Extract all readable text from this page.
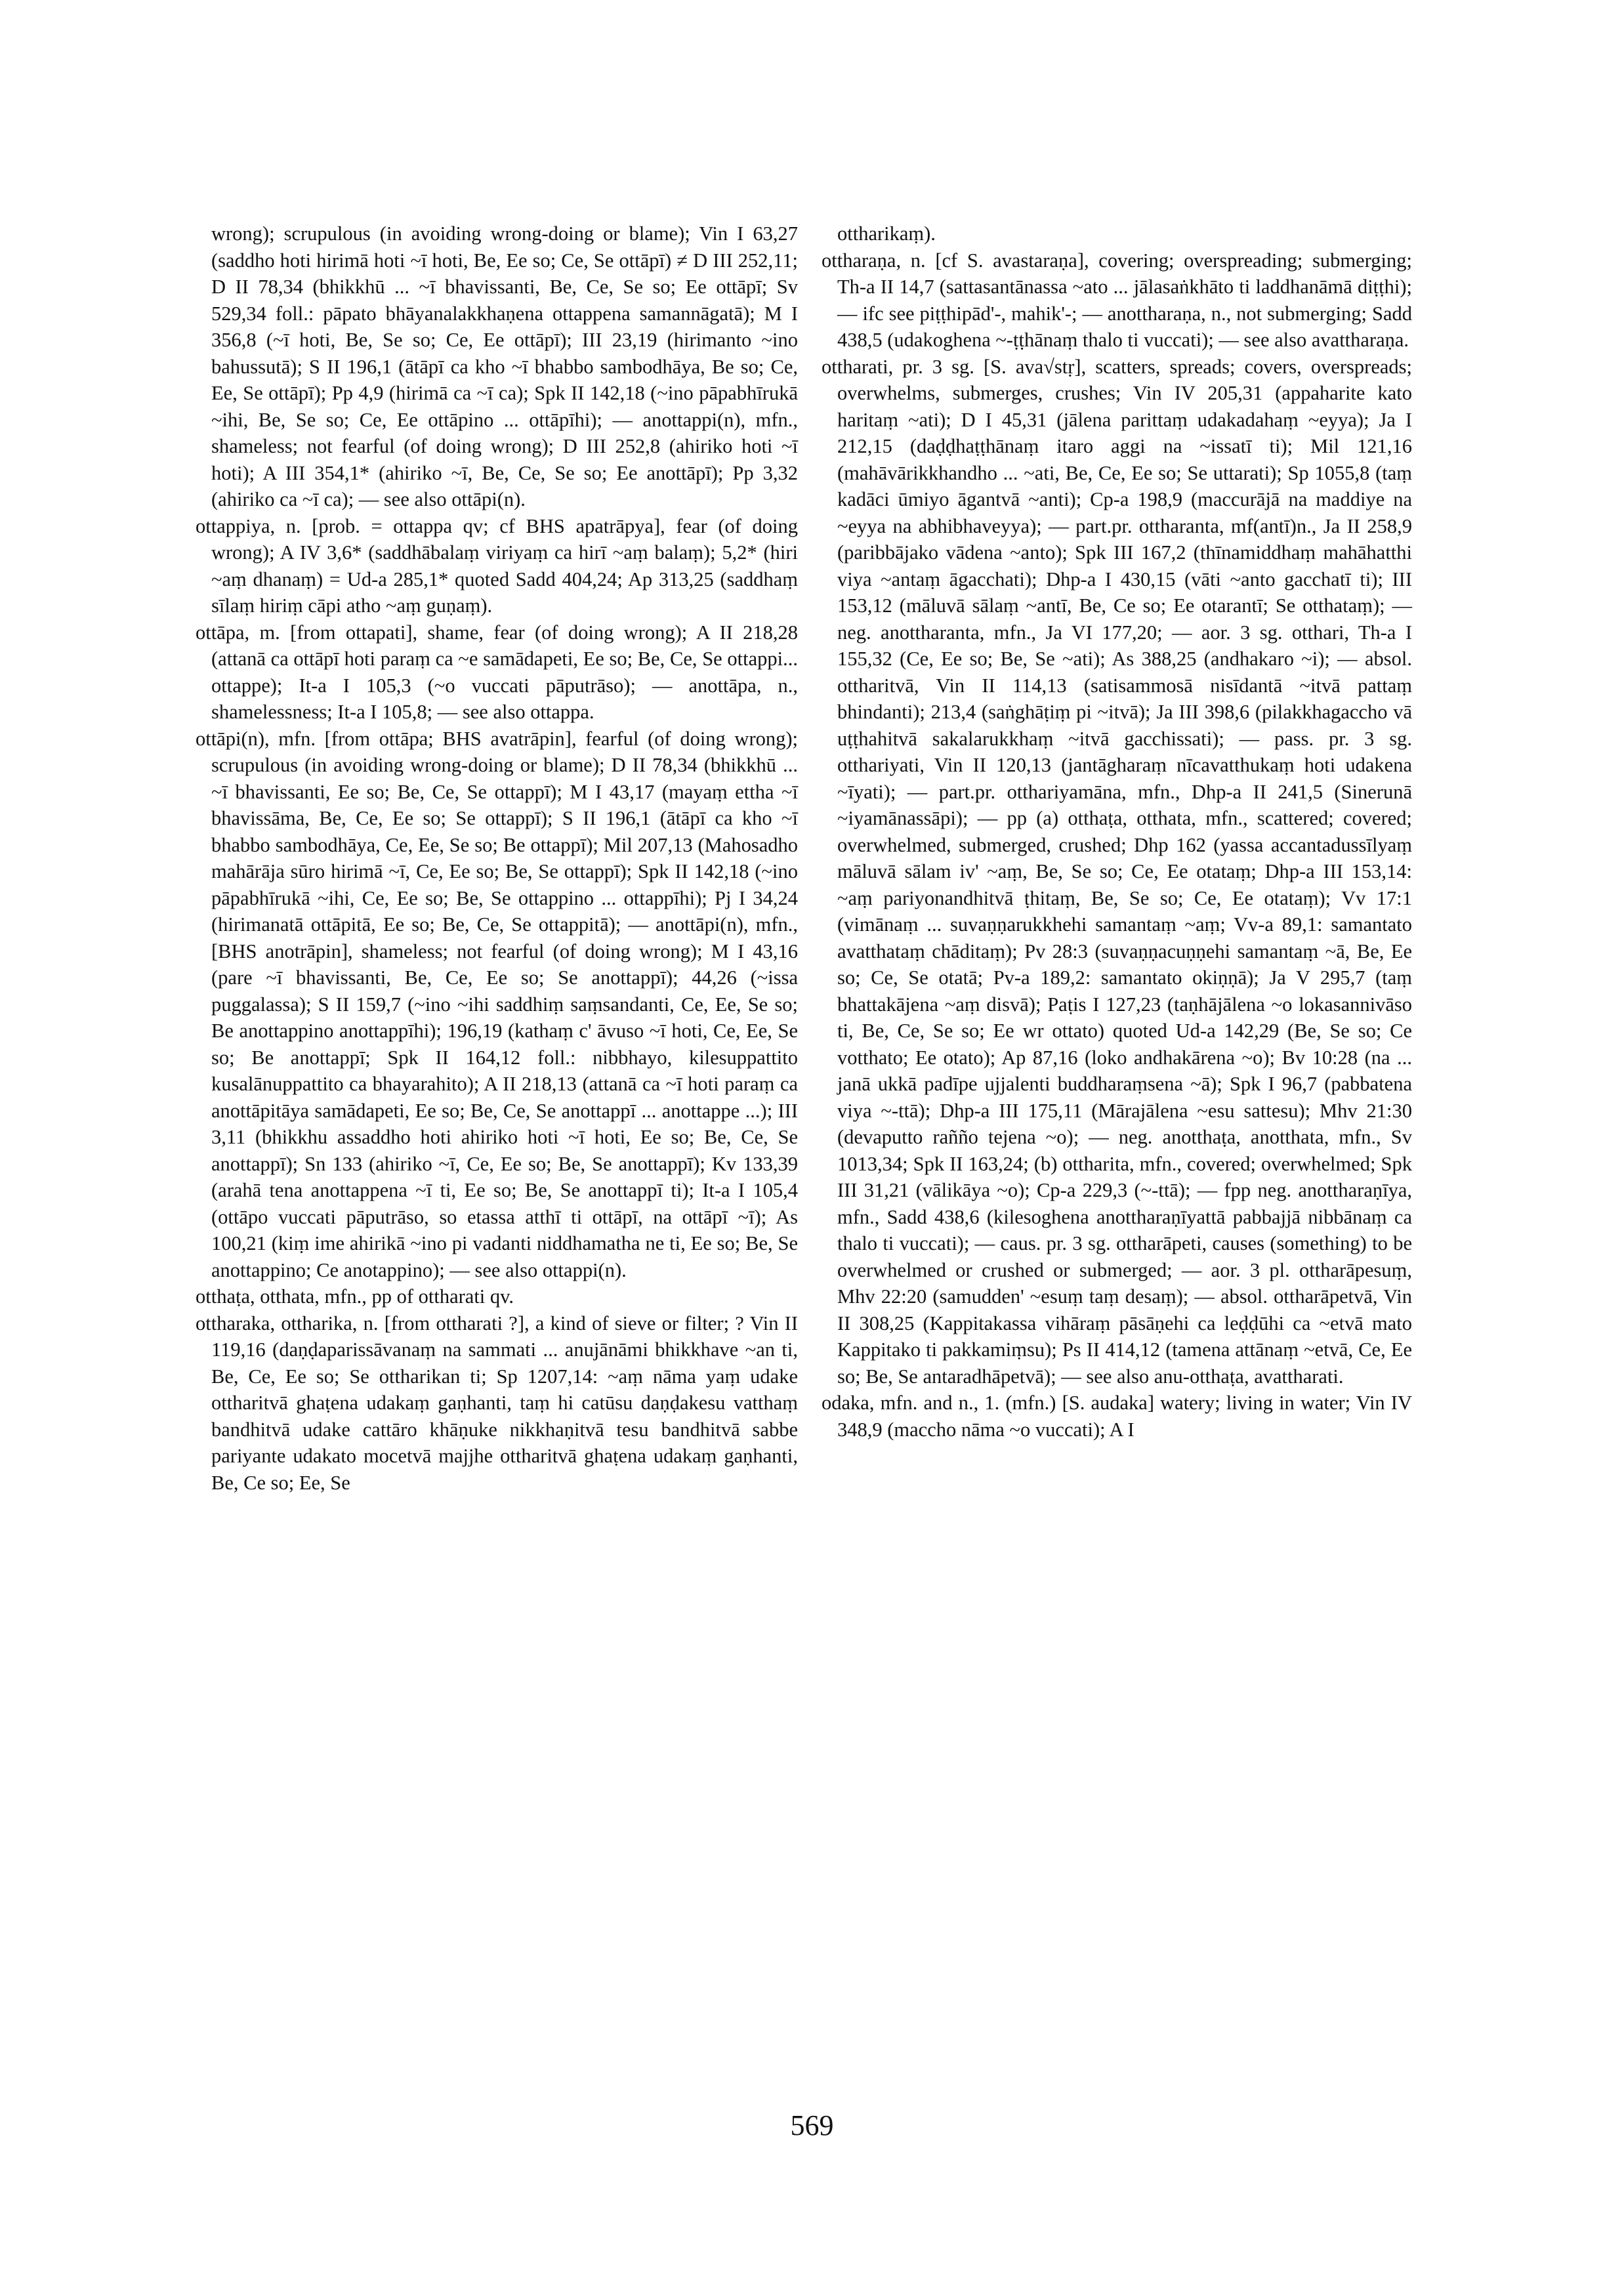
wrong); scrupulous (in avoiding wrong-doing or blame); Vin I 63,27 (saddho hoti hirimā hoti ~ī hoti, Be, Ee so; Ce, Se ottāpī) ≠ D III 252,11; D II 78,34 (bhikkhū ... ~ī bhavissanti, Be, Ce, Se so; Ee ottāpī; Sv 529,34 foll.: pāpato bhāyanalakkhaṇena ottappena samannāgatā); M I 356,8 (~ī hoti, Be, Se so; Ce, Ee ottāpī); III 23,19 (hirimanto ~ino bahussutā); S II 196,1 (ātāpī ca kho ~ī bhabbo sambodhāya, Be so; Ce, Ee, Se ottāpī); Pp 4,9 (hirimā ca ~ī ca); Spk II 142,18 (~ino pāpabhīrukā ~ihi, Be, Se so; Ce, Ee ottāpino ... ottāpīhi); — anottappi(n), mfn., shameless; not fearful (of doing wrong); D III 252,8 (ahiriko hoti ~ī hoti); A III 354,1* (ahiriko ~ī, Be, Ce, Se so; Ee anottāpī); Pp 3,32 (ahiriko ca ~ī ca); — see also ottāpi(n).

ottappiya, n. [prob. = ottappa qv; cf BHS apatrāpya], fear (of doing wrong); A IV 3,6* (saddhābalaṃ viriyaṃ ca hirī ~aṃ balaṃ); 5,2* (hiri ~aṃ dhanaṃ) = Ud-a 285,1* quoted Sadd 404,24; Ap 313,25 (saddhaṃ sīlaṃ hiriṃ cāpi atho ~aṃ guṇaṃ).

ottāpa, m. [from ottapati], shame, fear (of doing wrong); A II 218,28 (attanā ca ottāpī hoti paraṃ ca ~e samādapeti, Ee so; Be, Ce, Se ottappi... ottappe); It-a I 105,3 (~o vuccati pāputrāso); — anottāpa, n., shamelessness; It-a I 105,8; — see also ottappa.

ottāpi(n), mfn. [from ottāpa; BHS avatrāpin], fearful (of doing wrong); scrupulous (in avoiding wrong-doing or blame); D II 78,34 (bhikkhū ... ~ī bhavissanti, Ee so; Be, Ce, Se ottappī); M I 43,17 (mayaṃ ettha ~ī bhavissāma, Be, Ce, Ee so; Se ottappī); S II 196,1 (ātāpī ca kho ~ī bhabbo sambodhāya, Ce, Ee, Se so; Be ottappī); Mil 207,13 (Mahosadho mahārāja sūro hirimā ~ī, Ce, Ee so; Be, Se ottappī); Spk II 142,18 (~ino pāpabhīrukā ~ihi, Ce, Ee so; Be, Se ottappino ... ottappīhi); Pj I 34,24 (hirimanatā ottāpitā, Ee so; Be, Ce, Se ottappitā); — anottāpi(n), mfn., [BHS anotrāpin], shameless; not fearful (of doing wrong); M I 43,16 (pare ~ī bhavissanti, Be, Ce, Ee so; Se anottappī); 44,26 (~issa puggalassa); S II 159,7 (~ino ~ihi saddhiṃ saṃsandanti, Ce, Ee, Se so; Be anottappino anottappīhi); 196,19 (kathaṃ c' āvuso ~ī hoti, Ce, Ee, Se so; Be anottappī; Spk II 164,12 foll.: nibbhayo, kilesuppattito kusalānuppattito ca bhayarahito); A II 218,13 (attanā ca ~ī hoti paraṃ ca anottāpitāya samādapeti, Ee so; Be, Ce, Se anottappī ... anottappe ...); III 3,11 (bhikkhu assaddho hoti ahiriko hoti ~ī hoti, Ee so; Be, Ce, Se anottappī); Sn 133 (ahiriko ~ī, Ce, Ee so; Be, Se anottappī); Kv 133,39 (arahā tena anottappena ~ī ti, Ee so; Be, Se anottappī ti); It-a I 105,4 (ottāpo vuccati pāputrāso, so etassa atthī ti ottāpī, na ottāpī ~ī); As 100,21 (kiṃ ime ahirikā ~ino pi vadanti niddhamatha ne ti, Ee so; Be, Se anottappino; Ce anotappino); — see also ottappi(n).

otthaṭa, otthata, mfn., pp of ottharati qv.

ottharaka, ottharika, n. [from ottharati ?], a kind of sieve or filter; ? Vin II 119,16 (daṇḍaparissāvanaṃ na sammati ... anujānāmi bhikkhave ~an ti, Be, Ce, Ee so; Se ottharikan ti; Sp 1207,14: ~aṃ nāma yaṃ udake ottharitvā ghaṭena udakaṃ gaṇhanti, taṃ hi catūsu daṇḍakesu vatthaṃ bandhitvā udake cattāro khāṇuke nikkhaṇitvā tesu bandhitvā sabbe pariyante udakato mocetvā majjhe ottharitvā ghaṭena udakaṃ gaṇhanti, Be, Ce so; Ee, Se

ottharikaṃ).

ottharaṇa, n. [cf S. avastaraṇa], covering; overspreading; submerging; Th-a II 14,7 (sattasantānassa ~ato ... jālasaṅkhāto ti laddhanāmā diṭṭhi); — ifc see piṭṭhipād'-, mahik'-; — anottharaṇa, n., not submerging; Sadd 438,5 (udakoghena ~-ṭṭhānaṃ thalo ti vuccati); — see also avattharaṇa.

ottharati, pr. 3 sg. [S. ava√stṛ], scatters, spreads; covers, overspreads; overwhelms, submerges, crushes; Vin IV 205,31 (appaharite kato haritaṃ ~ati); D I 45,31 (jālena parittaṃ udakadahaṃ ~eyya); Ja I 212,15 (daḍḍhaṭṭhānaṃ itaro aggi na ~issatī ti); Mil 121,16 (mahāvārikkhandho ... ~ati, Be, Ce, Ee so; Se uttarati); Sp 1055,8 (taṃ kadāci ūmiyo āgantvā ~anti); Cp-a 198,9 (maccurājā na maddiye na ~eyya na abhibhaveyya); — part.pr. ottharanta, mf(antī)n., Ja II 258,9 (paribbājako vādena ~anto); Spk III 167,2 (thīnamiddhaṃ mahāhatthi viya ~antaṃ āgacchati); Dhp-a I 430,15 (vāti ~anto gacchatī ti); III 153,12 (māluvā sālaṃ ~antī, Be, Ce so; Ee otarantī; Se otthataṃ); — neg. anottharanta, mfn., Ja VI 177,20; — aor. 3 sg. otthari, Th-a I 155,32 (Ce, Ee so; Be, Se ~ati); As 388,25 (andhakaro ~i); — absol. ottharitvā, Vin II 114,13 (satisammosā nisīdantā ~itvā pattaṃ bhindanti); 213,4 (saṅghāṭiṃ pi ~itvā); Ja III 398,6 (pilakkhagaccho vā uṭṭhahitvā sakalarukkhaṃ ~itvā gacchissati); — pass. pr. 3 sg. otthariyati, Vin II 120,13 (jantāgharaṃ nīcavatthukaṃ hoti udakena ~īyati); — part.pr. otthariyamāna, mfn., Dhp-a II 241,5 (Sinerunā ~iyamānassāpi); — pp (a) otthaṭa, otthata, mfn., scattered; covered; overwhelmed, submerged, crushed; Dhp 162 (yassa accantadussīlyaṃ māluvā sālam iv' ~aṃ, Be, Se so; Ce, Ee otataṃ; Dhp-a III 153,14: ~aṃ pariyonandhitvā ṭhitaṃ, Be, Se so; Ce, Ee otataṃ); Vv 17:1 (vimānaṃ ... suvaṇṇarukkhehi samantaṃ ~aṃ; Vv-a 89,1: samantato avatthataṃ chāditaṃ); Pv 28:3 (suvaṇṇacuṇṇehi samantaṃ ~ā, Be, Ee so; Ce, Se otatā; Pv-a 189,2: samantato okiṇṇā); Ja V 295,7 (taṃ bhattakājena ~aṃ disvā); Paṭis I 127,23 (taṇhājālena ~o lokasannivāso ti, Be, Ce, Se so; Ee wr ottato) quoted Ud-a 142,29 (Be, Se so; Ce votthato; Ee otato); Ap 87,16 (loko andhakārena ~o); Bv 10:28 (na ... janā ukkā padīpe ujjalenti buddharaṃsena ~ā); Spk I 96,7 (pabbatena viya ~-ttā); Dhp-a III 175,11 (Mārajālena ~esu sattesu); Mhv 21:30 (devaputto raññо tejena ~o); — neg. anotthaṭa, anotthata, mfn., Sv 1013,34; Spk II 163,24; (b) ottharita, mfn., covered; overwhelmed; Spk III 31,21 (vālikāya ~o); Cp-a 229,3 (~-ttā); — fpp neg. anottharaṇīya, mfn., Sadd 438,6 (kilesoghena anottharaṇīyattā pabbajjā nibbānaṃ ca thalo ti vuccati); — caus. pr. 3 sg. ottharāpeti, causes (something) to be overwhelmed or crushed or submerged; — aor. 3 pl. ottharāpesuṃ, Mhv 22:20 (samudden' ~esuṃ taṃ desaṃ); — absol. ottharāpetvā, Vin II 308,25 (Kappitakassa vihāraṃ pāsāṇehi ca leḍḍūhi ca ~etvā mato Kappitako ti pakkamiṃsu); Ps II 414,12 (tamena attānaṃ ~etvā, Ce, Ee so; Be, Se antaradhāpetvā); — see also anu-otthaṭa, avattharati.

odaka, mfn. and n., 1. (mfn.) [S. audaka] watery; living in water; Vin IV 348,9 (maccho nāma ~o vuccati); A I

569
